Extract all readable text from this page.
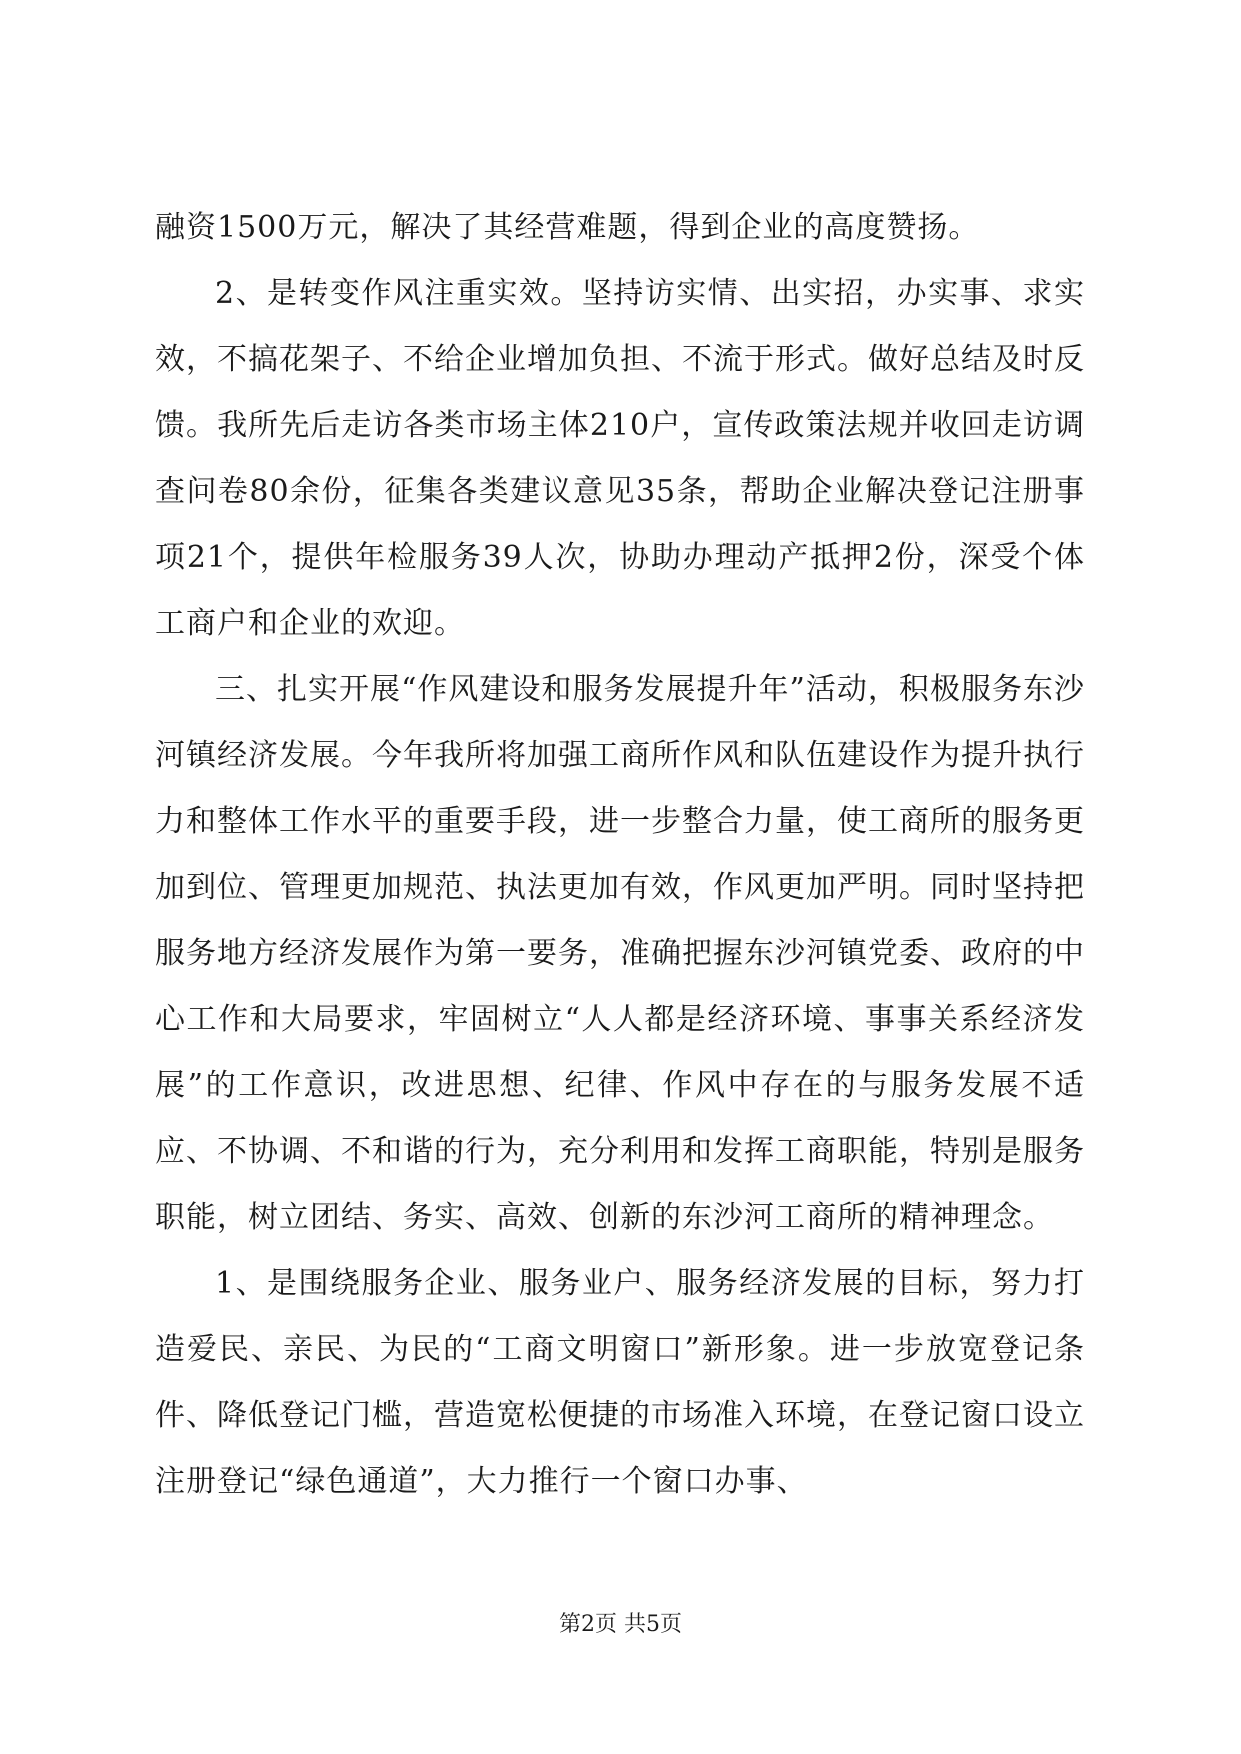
融资1500万元，解决了其经营难题，得到企业的高度赞扬。

2、是转变作风注重实效。坚持访实情、出实招，办实事、求实效，不搞花架子、不给企业增加负担、不流于形式。做好总结及时反馈。我所先后走访各类市场主体210户，宣传政策法规并收回走访调查问卷80余份，征集各类建议意见35条，帮助企业解决登记注册事项21个，提供年检服务39人次，协助办理动产抵押2份，深受个体工商户和企业的欢迎。

三、扎实开展“作风建设和服务发展提升年”活动，积极服务东沙河镇经济发展。今年我所将加强工商所作风和队伍建设作为提升执行力和整体工作水平的重要手段，进一步整合力量，使工商所的服务更加到位、管理更加规范、执法更加有效，作风更加严明。同时坚持把服务地方经济发展作为第一要务，准确把握东沙河镇党委、政府的中心工作和大局要求，牢固树立“人人都是经济环境、事事关系经济发展”的工作意识，改进思想、纪律、作风中存在的与服务发展不适应、不协调、不和谐的行为，充分利用和发挥工商职能，特别是服务职能，树立团结、务实、高效、创新的东沙河工商所的精神理念。

1、是围绕服务企业、服务业户、服务经济发展的目标，努力打造爱民、亲民、为民的“工商文明窗口”新形象。进一步放宽登记条件、降低登记门槛，营造宽松便捷的市场准入环境，在登记窗口设立注册登记“绿色通道”，大力推行一个窗口办事、

第2页 共5页
